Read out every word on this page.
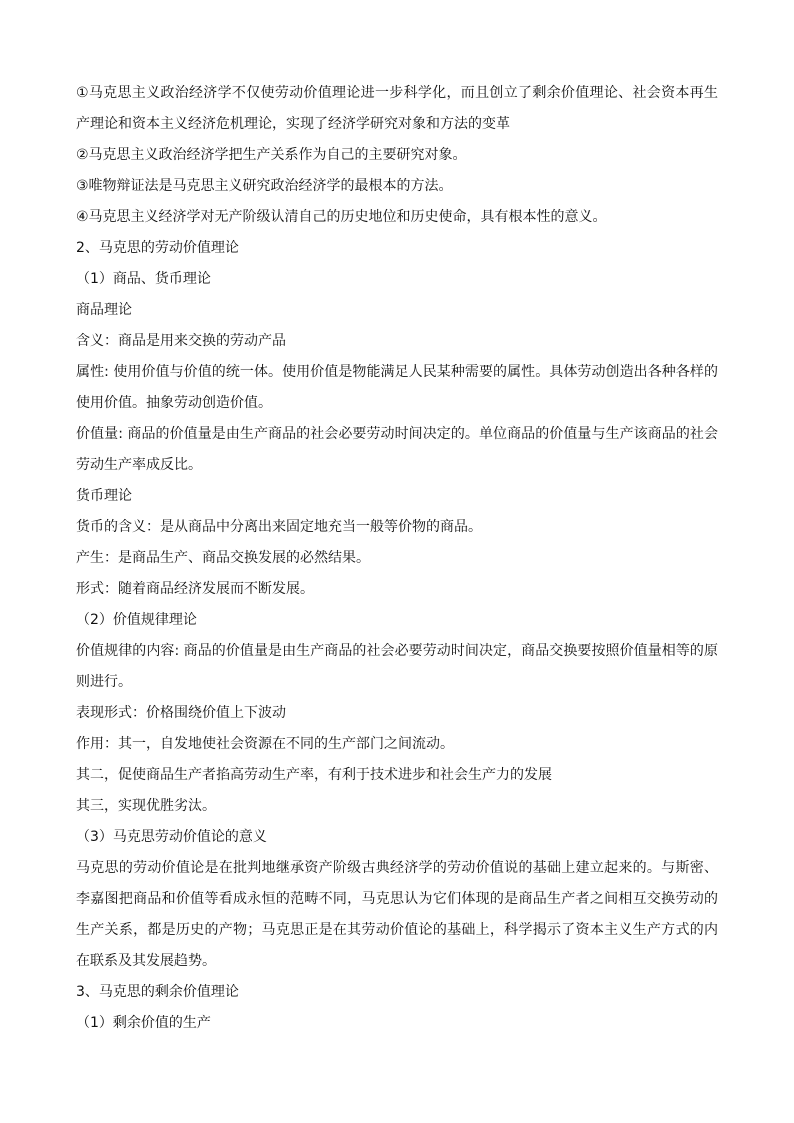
①马克思主义政治经济学不仅使劳动价值理论进一步科学化，而且创立了剩余价值理论、社会资本再生产理论和资本主义经济危机理论，实现了经济学研究对象和方法的变革

②马克思主义政治经济学把生产关系作为自己的主要研究对象。

③唯物辩证法是马克思主义研究政治经济学的最根本的方法。

④马克思主义经济学对无产阶级认清自己的历史地位和历史使命，具有根本性的意义。

2、马克思的劳动价值理论

（1）商品、货币理论

商品理论

含义：商品是用来交换的劳动产品

属性: 使用价值与价值的统一体。使用价值是物能满足人民某种需要的属性。具体劳动创造出各种各样的使用价值。抽象劳动创造价值。

价值量: 商品的价值量是由生产商品的社会必要劳动时间决定的。单位商品的价值量与生产该商品的社会劳动生产率成反比。

货币理论

货币的含义：是从商品中分离出来固定地充当一般等价物的商品。

产生：是商品生产、商品交换发展的必然结果。

形式：随着商品经济发展而不断发展。

（2）价值规律理论

价值规律的内容: 商品的价值量是由生产商品的社会必要劳动时间决定，商品交换要按照价值量相等的原则进行。

表现形式：价格围绕价值上下波动

作用：其一，自发地使社会资源在不同的生产部门之间流动。

其二，促使商品生产者掐高劳动生产率，有利于技术进步和社会生产力的发展

其三，实现优胜劣汰。

（3）马克思劳动价值论的意义

马克思的劳动价值论是在批判地继承资产阶级古典经济学的劳动价值说的基础上建立起来的。与斯密、李嘉图把商品和价值等看成永恒的范畴不同，马克思认为它们体现的是商品生产者之间相互交换劳动的生产关系，都是历史的产物；马克思正是在其劳动价值论的基础上，科学揭示了资本主义生产方式的内在联系及其发展趋势。

3、马克思的剩余价值理论

（1）剩余价值的生产
